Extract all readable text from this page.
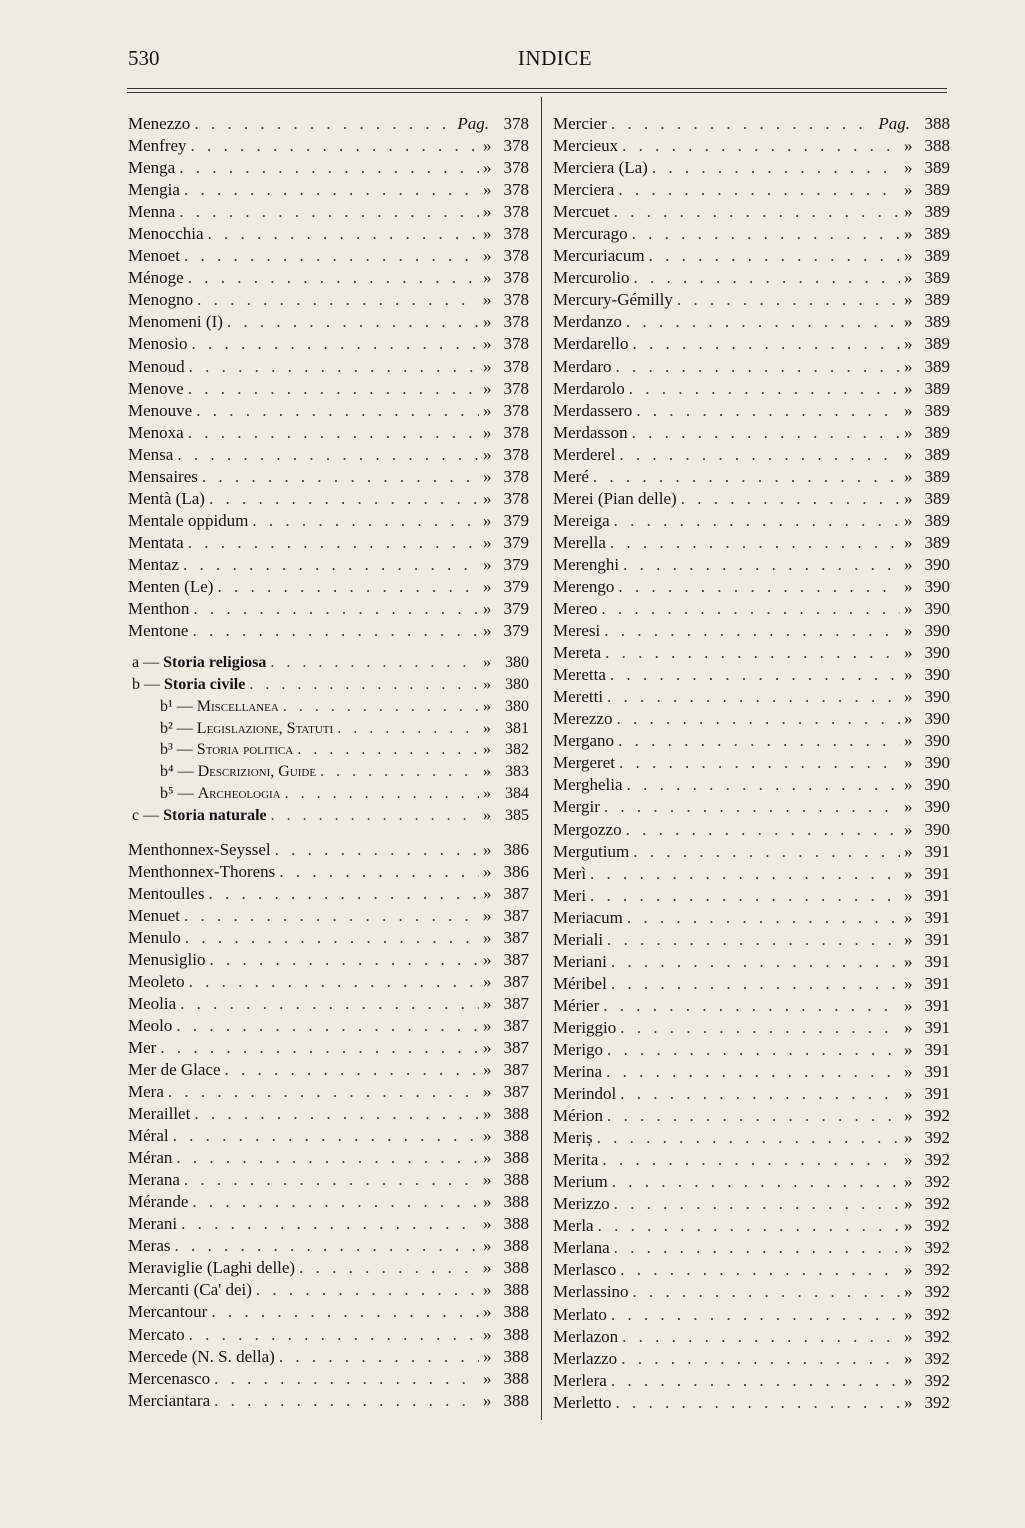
530	INDICE
Menezzo . . .	Pag. 378
Menfrey . . .	» 378
Menga . . .	» 378
Mengia . . .	» 378
Menna . . .	» 378
Menocchia . . .	» 378
Menoet . . .	» 378
Ménoge . . .	» 378
Menogno . . .	» 378
Menomeni (I) . . .	» 378
Menosio . . .	» 378
Menoud . . .	» 378
Menove . . .	» 378
Menouve . . .	» 378
Menoxa . . .	» 378
Mensa . . .	» 378
Mensaires . . .	» 378
Mentà (La) . . .	» 378
Mentale oppidum . . .	» 379
Mentata . . .	» 379
Mentaz . . .	» 379
Menten (Le) . . .	» 379
Menthon . . .	» 379
Mentone . . .	» 379
a — Storia religiosa . . .	» 380
b — Storia civile . . .	» 380
b¹ — Miscellanea . . .	» 380
b² — Legislazione, Statuti . . .	» 381
b³ — Storia politica . . .	» 382
b⁴ — Descrizioni, Guide . . .	» 383
b⁵ — Archeologia . . .	» 384
c — Storia naturale . . .	» 385
Menthonnex-Seyssel . . .	» 386
Menthonnex-Thorens . . .	» 386
Mentoulles . . .	» 387
Menuet . . .	» 387
Menulo . . .	» 387
Menusiglio . . .	» 387
Meoleto . . .	» 387
Meolia . . .	» 387
Meolo . . .	» 387
Mer . . .	» 387
Mer de Glace . . .	» 387
Mera . . .	» 387
Meraillet . . .	» 388
Méral . . .	» 388
Méran . . .	» 388
Merana . . .	» 388
Mérande . . .	» 388
Merani . . .	» 388
Meras . . .	» 388
Meraviglie (Laghi delle) . . .	» 388
Mercanti (Ca' dei) . . .	» 388
Mercantour . . .	» 388
Mercato . . .	» 388
Mercede (N. S. della) . . .	» 388
Mercenasco . . .	» 388
Merciantara . . .	» 388
Mercier . . .	Pag. 388
Mercieux . . .	» 388
Merciera (La) . . .	» 389
Merciera . . .	» 389
Mercuet . . .	» 389
Mercurago . . .	» 389
Mercuriacum . . .	» 389
Mercurolio . . .	» 389
Mercury-Gémilly . . .	» 389
Merdanzo . . .	» 389
Merdarello . . .	» 389
Merdaro . . .	» 389
Merdarolo . . .	» 389
Merdassero . . .	» 389
Merdasson . . .	» 389
Merderel . . .	» 389
Meré . . .	» 389
Merei (Pian delle) . . .	» 389
Mereiga . . .	» 389
Merella . . .	» 389
Merenghi . . .	» 390
Merengo . . .	» 390
Mereo . . .	» 390
Meresi . . .	» 390
Mereta . . .	» 390
Meretta . . .	» 390
Meretti . . .	» 390
Merezzo . . .	» 390
Mergano . . .	» 390
Mergeret . . .	» 390
Merghelia . . .	» 390
Mergir . . .	» 390
Mergozzo . . .	» 390
Mergutium . . .	» 391
Merì . . .	» 391
Meri . . .	» 391
Meriacum . . .	» 391
Meriali . . .	» 391
Meriani . . .	» 391
Méribel . . .	» 391
Mérier . . .	» 391
Meriggio . . .	» 391
Merigo . . .	» 391
Merina . . .	» 391
Merindol . . .	» 391
Mérion . . .	» 392
Meriș . . .	» 392
Merita . . .	» 392
Merium . . .	» 392
Merizzo . . .	» 392
Merla . . .	» 392
Merlana . . .	» 392
Merlasco . . .	» 392
Merlassino . . .	» 392
Merlato . . .	» 392
Merlazon . . .	» 392
Merlazzo . . .	» 392
Merlera . . .	» 392
Merletto . . .	» 392
